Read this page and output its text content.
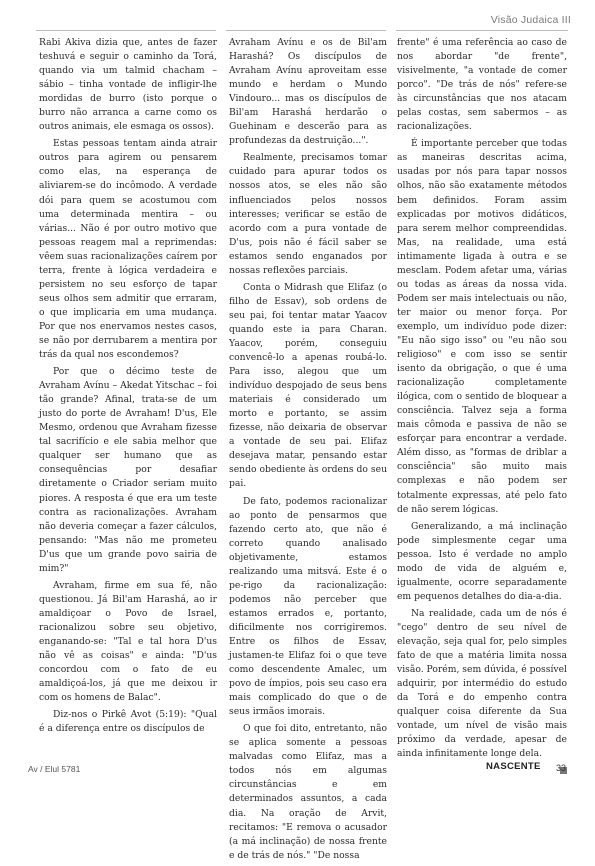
Visão Judaica III

Rabi Akiva dizia que, antes de fazer teshuvá e seguir o caminho da Torá, quando via um talmid chacham – sábio – tinha vontade de infligir-lhe mordidas de burro (isto porque o burro não arranca a carne como os outros animais, ele esmaga os ossos).

Estas pessoas tentam ainda atrair outros para agirem ou pensarem como elas, na esperança de aliviarem-se do incômodo. A verdade dói para quem se acostumou com uma determinada mentira – ou várias... Não é por outro motivo que pessoas reagem mal a reprimendas: vêem suas racionalizações caírem por terra, frente à lógica verdadeira e persistem no seu esforço de tapar seus olhos sem admitir que erraram, o que implicaria em uma mudança. Por que nos enervamos nestes casos, se não por derrubarem a mentira por trás da qual nos escondemos?

Por que o décimo teste de Avraham Avínu – Akedat Yitschac – foi tão grande? Afinal, trata-se de um justo do porte de Avraham! D'us, Ele Mesmo, ordenou que Avraham fizesse tal sacrifício e ele sabia melhor que qualquer ser humano que as consequências por desafiar diretamente o Criador seriam muito piores. A resposta é que era um teste contra as racionalizações. Avraham não deveria começar a fazer cálculos, pensando: "Mas não me prometeu D'us que um grande povo sairia de mim?"

Avraham, firme em sua fé, não questionou. Já Bil'am Harashá, ao ir amaldiçoar o Povo de Israel, racionalizou sobre seu objetivo, enganando-se: "Tal e tal hora D'us não vê as coisas" e ainda: "D'us concordou com o fato de eu amaldiçoá-los, já que me deixou ir com os homens de Balac".

Diz-nos o Pirkê Avot (5:19): "Qual é a diferença entre os discípulos de

Avraham Avínu e os de Bil'am Harashá? Os discípulos de Avraham Avínu aproveitam esse mundo e herdam o Mundo Vindouro... mas os discípulos de Bil'am Harashá herdarão o Guehinam e descerão para as profundezas da destruição...".

Realmente, precisamos tomar cuidado para apurar todos os nossos atos, se eles não são influenciados pelos nossos interesses; verificar se estão de acordo com a pura vontade de D'us, pois não é fácil saber se estamos sendo enganados por nossas reflexões parciais.

Conta o Midrash que Elifaz (o filho de Essav), sob ordens de seu pai, foi tentar matar Yaacov quando este ia para Charan. Yaacov, porém, conseguiu convencê-lo a apenas roubá-lo. Para isso, alegou que um indivíduo despojado de seus bens materiais é considerado um morto e portanto, se assim fizesse, não deixaria de observar a vontade de seu pai. Elifaz desejava matar, pensando estar sendo obediente às ordens do seu pai.

De fato, podemos racionalizar ao ponto de pensarmos que fazendo certo ato, que não é correto quando analisado objetivamente, estamos realizando uma mitsvá. Este é o pe-rigo da racionalização: podemos não perceber que estamos errados e, portanto, dificilmente nos corrigiremos. Entre os filhos de Essav, justamen-te Elifaz foi o que teve como descendente Amalec, um povo de ímpios, pois seu caso era mais complicado do que o de seus irmãos imorais.

O que foi dito, entretanto, não se aplica somente a pessoas malvadas como Elifaz, mas a todos nós em algumas circunstâncias e em determinados assuntos, a cada dia. Na oração de Arvit, recitamos: "E remova o acusador (a má inclinação) de nossa frente e de trás de nós." "De nossa

frente" é uma referência ao caso de nos abordar "de frente", visivelmente, "a vontade de comer porco". "De trás de nós" refere-se às circunstâncias que nos atacam pelas costas, sem sabermos – as racionalizações.

É importante perceber que todas as maneiras descritas acima, usadas por nós para tapar nossos olhos, não são exatamente métodos bem definidos. Foram assim explicadas por motivos didáticos, para serem melhor compreendidas. Mas, na realidade, uma está intimamente ligada à outra e se mesclam. Podem afetar uma, várias ou todas as áreas da nossa vida. Podem ser mais intelectuais ou não, ter maior ou menor força. Por exemplo, um indivíduo pode dizer: "Eu não sigo isso" ou "eu não sou religioso" e com isso se sentir isento da obrigação, o que é uma racionalização completamente ilógica, com o sentido de bloquear a consciência. Talvez seja a forma mais cômoda e passiva de não se esforçar para encontrar a verdade. Além disso, as "formas de driblar a consciência" são muito mais complexas e não podem ser totalmente expressas, até pelo fato de não serem lógicas.

Generalizando, a má inclinação pode simplesmente cegar uma pessoa. Isto é verdade no amplo modo de vida de alguém e, igualmente, ocorre separadamente em pequenos detalhes do dia-a-dia.

Na realidade, cada um de nós é "cego" dentro de seu nível de elevação, seja qual for, pelo simples fato de que a matéria limita nossa visão. Porém, sem dúvida, é possível adquirir, por intermédio do estudo da Torá e do empenho contra qualquer coisa diferente da Sua vontade, um nível de visão mais próximo da verdade, apesar de ainda infinitamente longe dela.

Av / Elul 5781	NASCENTE 33
